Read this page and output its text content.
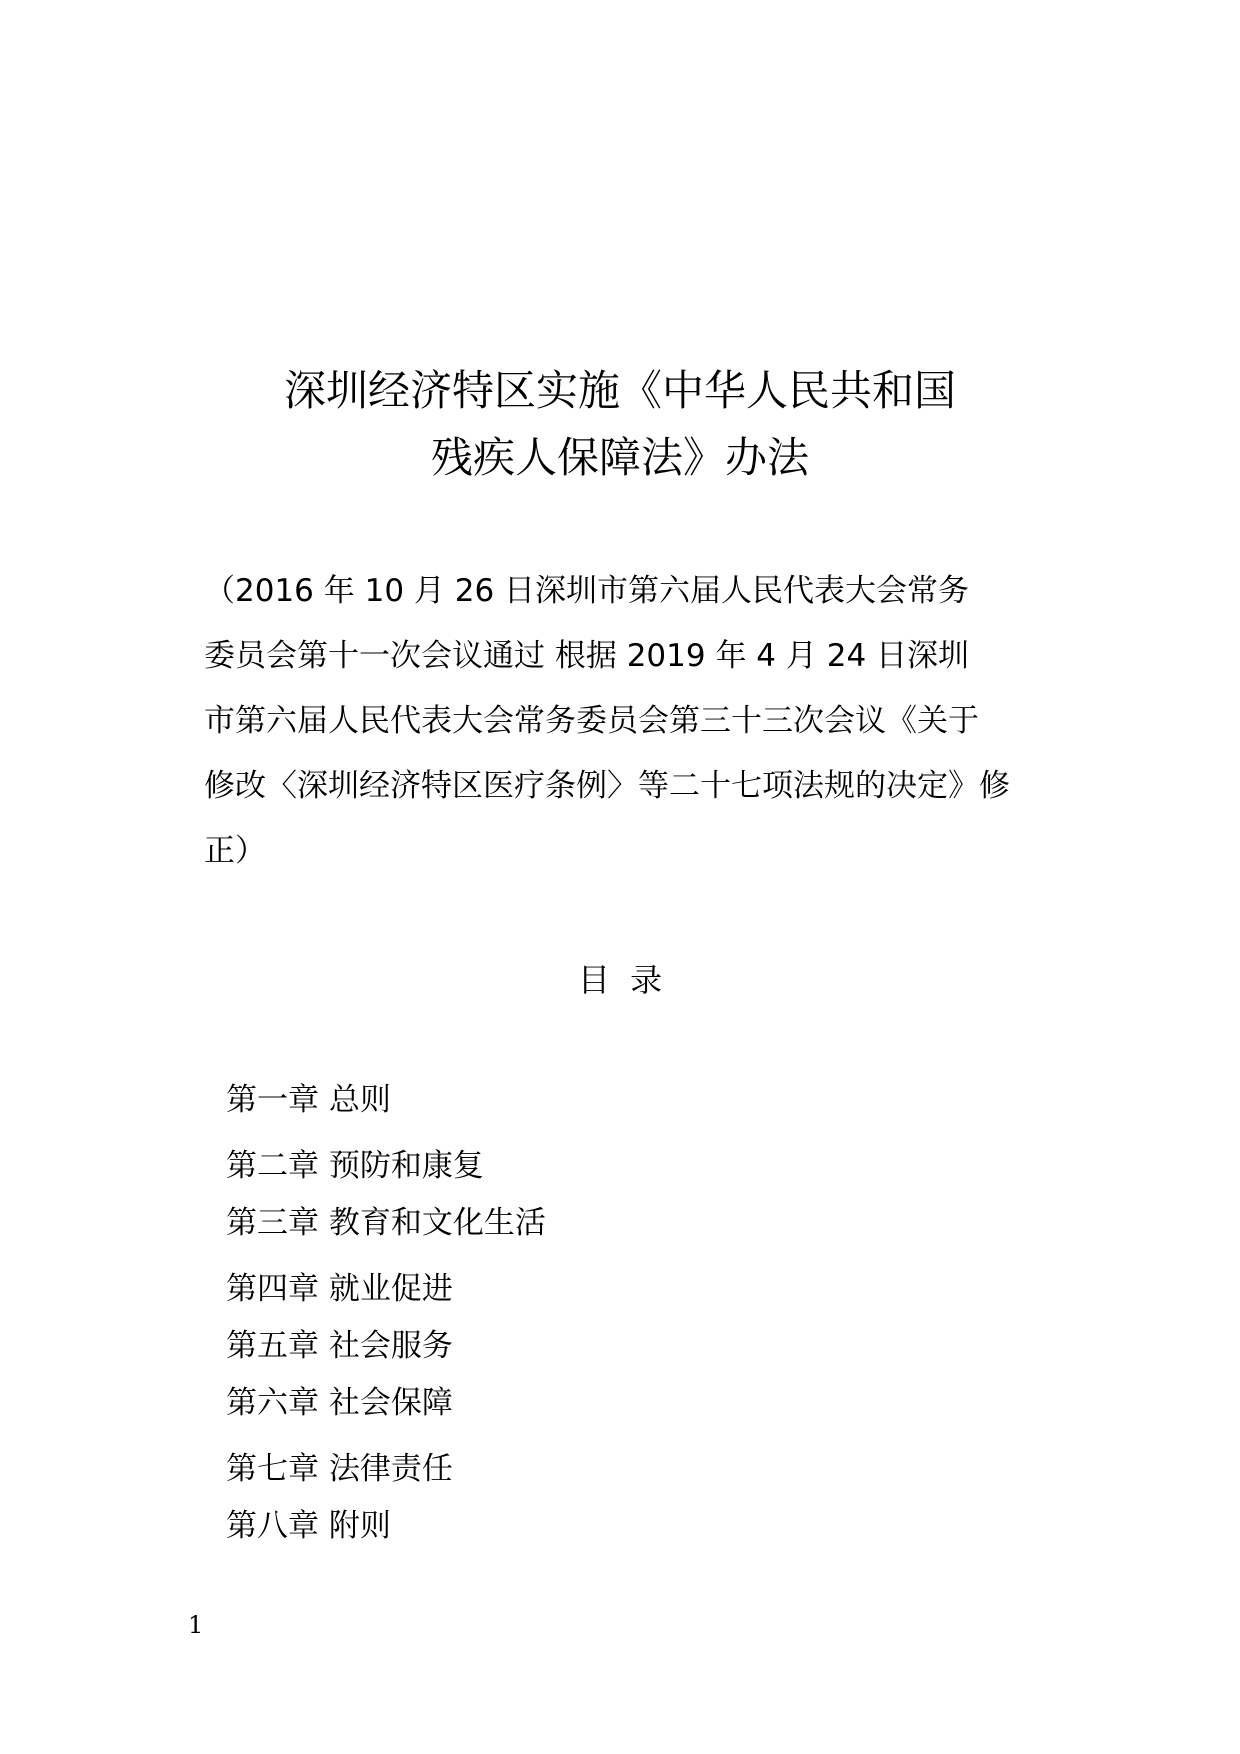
深圳经济特区实施《中华人民共和国
残疾人保障法》办法
（2016 年 10 月 26 日深圳市第六届人民代表大会常务
委员会第十一次会议通过 根据 2019 年 4 月 24 日深圳
市第六届人民代表大会常务委员会第三十三次会议《关于
修改〈深圳经济特区医疗条例〉等二十七项法规的决定》修
正）
目  录
第一章 总则
第二章 预防和康复
第三章 教育和文化生活
第四章 就业促进
第五章 社会服务
第六章 社会保障
第七章 法律责任
第八章 附则
1
